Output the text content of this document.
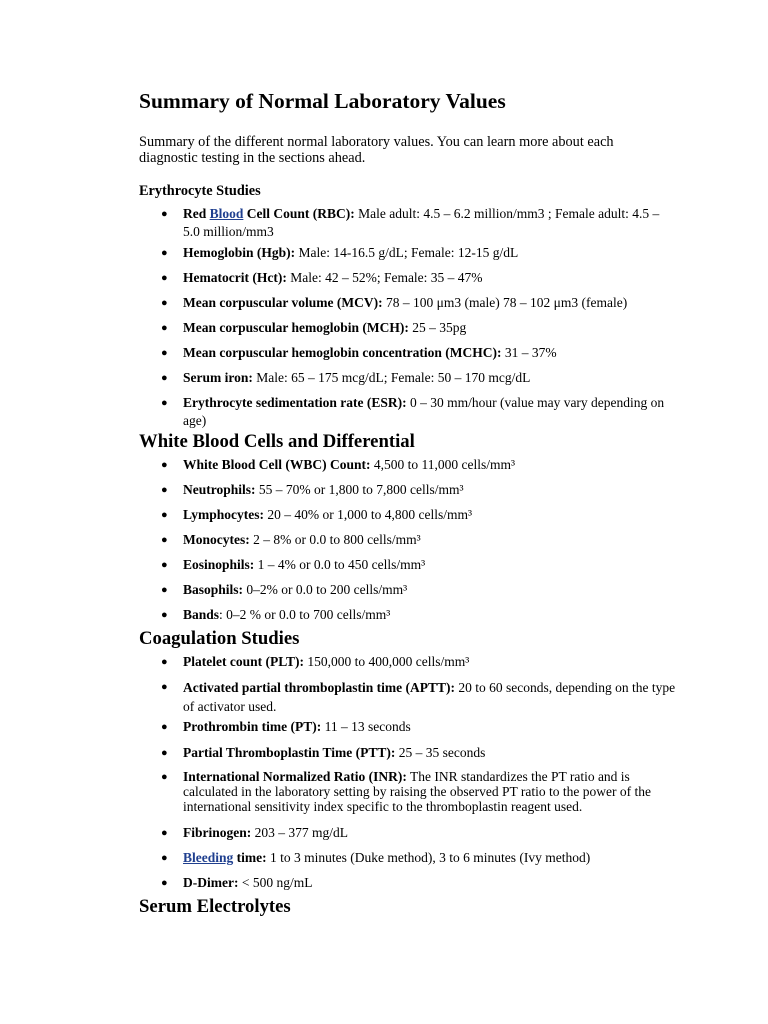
Summary of Normal Laboratory Values

Summary of the different normal laboratory values. You can learn more about each diagnostic testing in the sections ahead.

Erythrocyte Studies
● Red Blood Cell Count (RBC): Male adult: 4.5 – 6.2 million/mm3 ; Female adult: 4.5 – 5.0 million/mm3
● Hemoglobin (Hgb): Male: 14-16.5 g/dL; Female: 12-15 g/dL
● Hematocrit (Hct): Male: 42 – 52%; Female: 35 – 47%
● Mean corpuscular volume (MCV): 78 – 100 μm3 (male) 78 – 102 μm3 (female)
● Mean corpuscular hemoglobin (MCH): 25 – 35pg
● Mean corpuscular hemoglobin concentration (MCHC): 31 – 37%
● Serum iron: Male: 65 – 175 mcg/dL; Female: 50 – 170 mcg/dL
● Erythrocyte sedimentation rate (ESR): 0 – 30 mm/hour (value may vary depending on age)
White Blood Cells and Differential
● White Blood Cell (WBC) Count: 4,500 to 11,000 cells/mm³
● Neutrophils: 55 – 70% or 1,800 to 7,800 cells/mm³
● Lymphocytes: 20 – 40% or 1,000 to 4,800 cells/mm³
● Monocytes: 2 – 8% or 0.0 to 800 cells/mm³
● Eosinophils: 1 – 4% or 0.0 to 450 cells/mm³
● Basophils: 0–2% or 0.0 to 200 cells/mm³
● Bands: 0–2 % or 0.0 to 700 cells/mm³
Coagulation Studies
● Platelet count (PLT): 150,000 to 400,000 cells/mm³
● Activated partial thromboplastin time (APTT): 20 to 60 seconds, depending on the type of activator used.
● Prothrombin time (PT): 11 – 13 seconds
● Partial Thromboplastin Time (PTT): 25 – 35 seconds
● International Normalized Ratio (INR): The INR standardizes the PT ratio and is calculated in the laboratory setting by raising the observed PT ratio to the power of the international sensitivity index specific to the thromboplastin reagent used.
● Fibrinogen: 203 – 377 mg/dL
● Bleeding time: 1 to 3 minutes (Duke method), 3 to 6 minutes (Ivy method)
● D-Dimer: < 500 ng/mL
Serum Electrolytes
